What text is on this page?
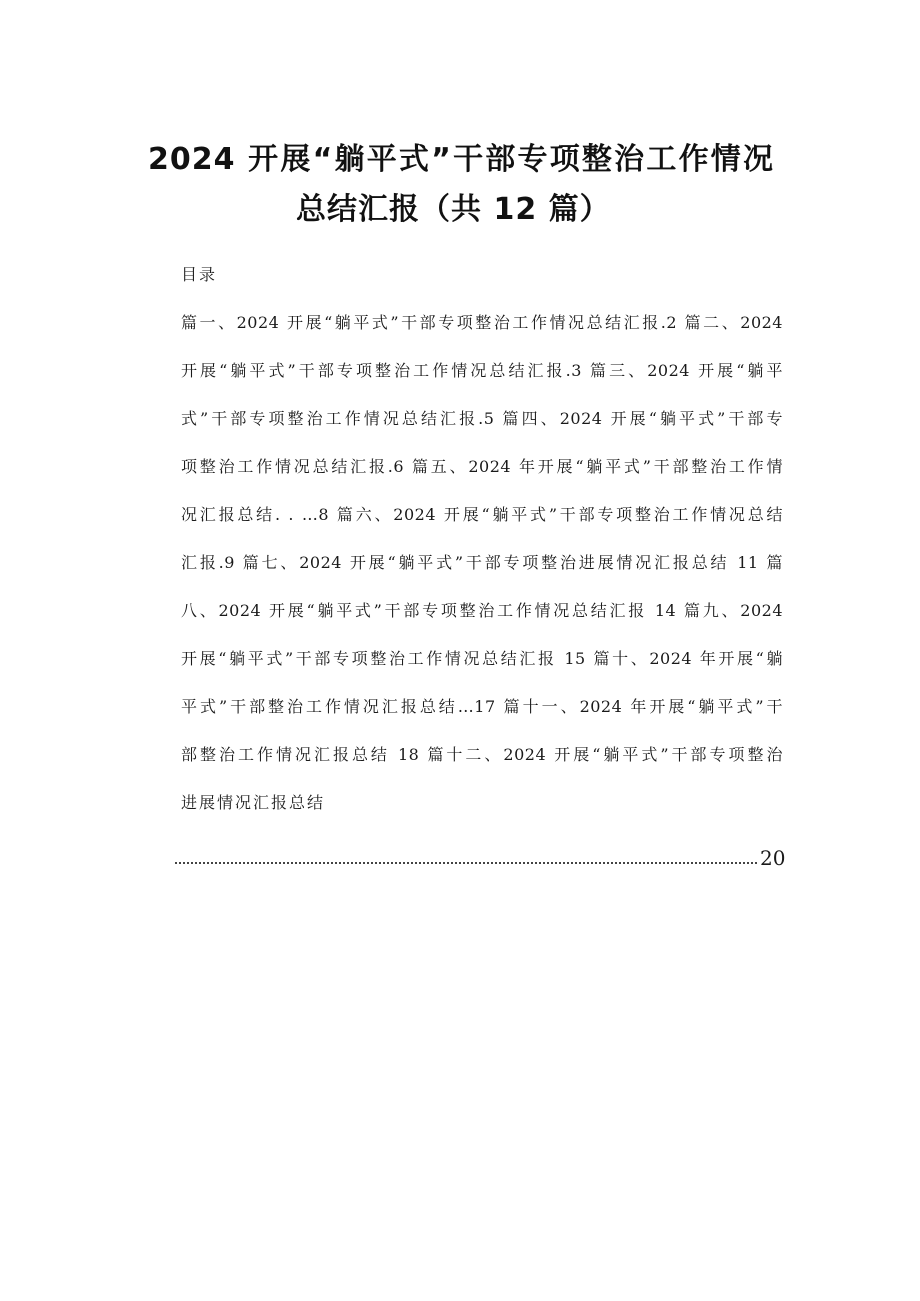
2024 开展“躺平式”干部专项整治工作情况
总结汇报（共 12 篇）
目录
篇一、2024 开展“躺平式”干部专项整治工作情况总结汇报.2 篇二、2024
开展“躺平式”干部专项整治工作情况总结汇报.3 篇三、2024 开展“躺平
式”干部专项整治工作情况总结汇报.5 篇四、2024 开展“躺平式”干部专
项整治工作情况总结汇报.6 篇五、2024 年开展“躺平式”干部整治工作情
况汇报总结. . …8 篇六、2024 开展“躺平式”干部专项整治工作情况总结
汇报.9 篇七、2024 开展“躺平式”干部专项整治进展情况汇报总结 11 篇
八、2024 开展“躺平式”干部专项整治工作情况总结汇报 14 篇九、2024
开展“躺平式”干部专项整治工作情况总结汇报 15 篇十、2024 年开展“躺
平式”干部整治工作情况汇报总结…17 篇十一、2024 年开展“躺平式”干
部整治工作情况汇报总结 18 篇十二、2024 开展“躺平式”干部专项整治
进展情况汇报总结
20
